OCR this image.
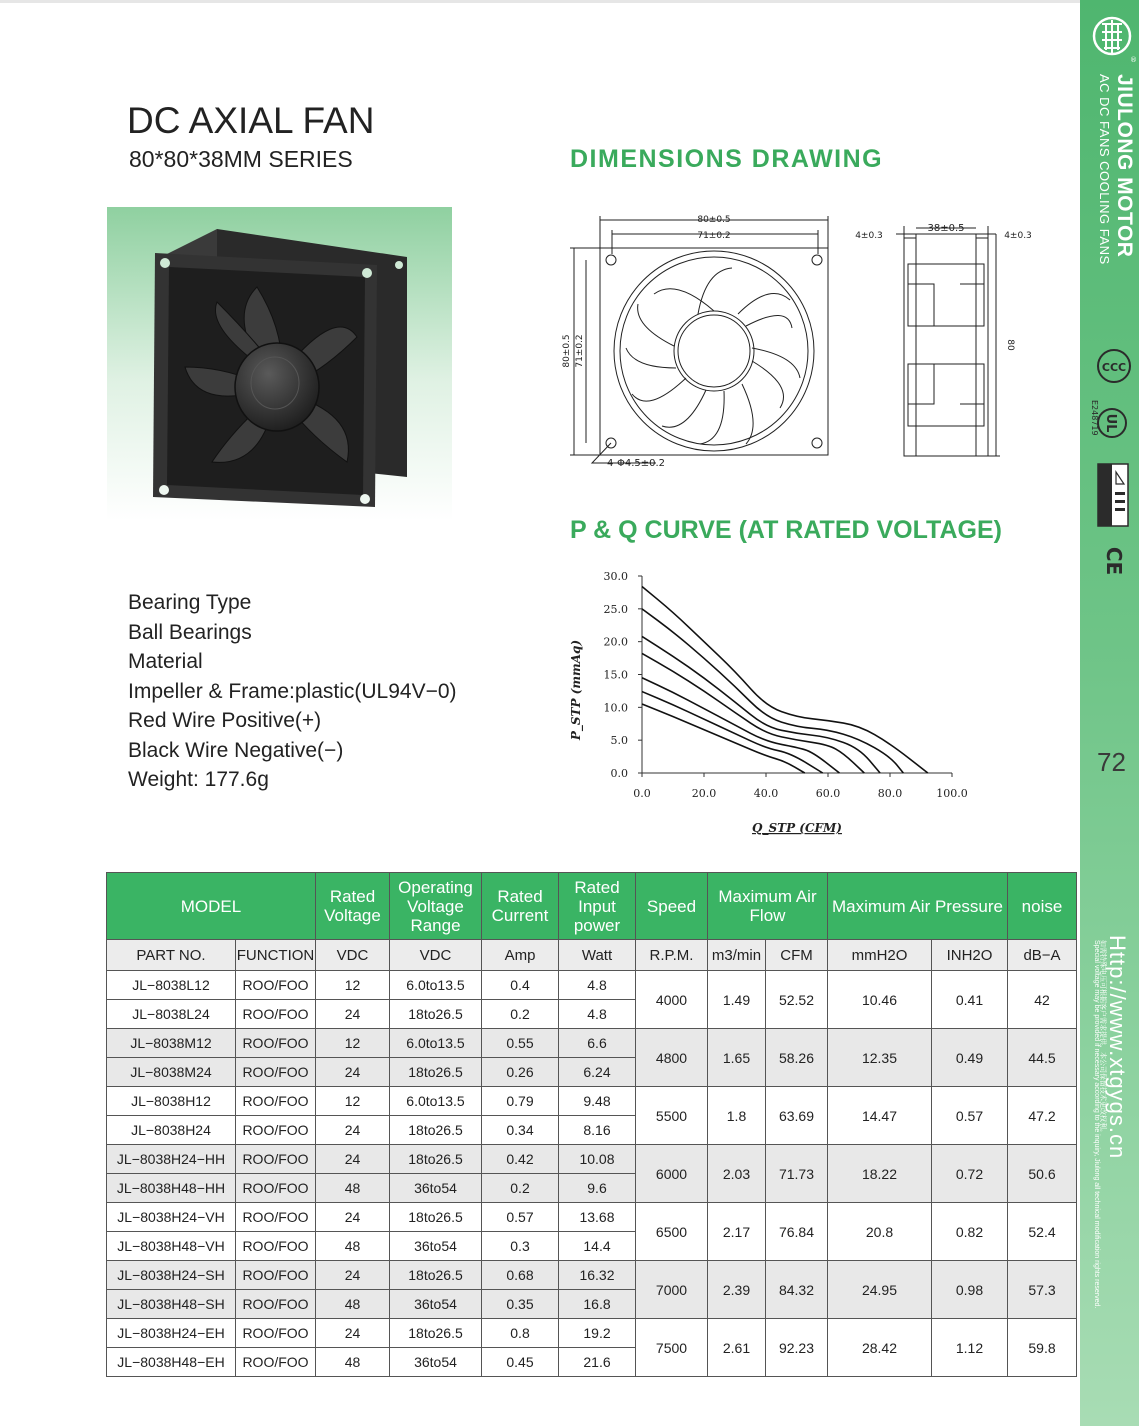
®
JIULONG MOTOR
AC DC FANS COOLING FANS
CCC
UL
E248719
CE
72
Http://www.xtgygs.cn
如需特殊电压可根据客户需求提供，本公司保留技术更改权利。
Special voltage may be provided if necessary according to the inquiry, Jiulong all technical modification rights reserved.
DC AXIAL FAN
80*80*38MM SERIES	DIMENSIONS DRAWING
P & Q CURVE (AT RATED VOLTAGE)
Bearing Type
Ball Bearings
Material
Impeller & Frame:plastic(UL94V−0)
Red Wire Positive(+)
Black Wire Negative(−)
Weight: 177.6g
80±0.5
71±0.2
38±0.5
4±0.3	4±0.3
4-Φ4.5±0.2
80±0.5 71±0.2	80
0.0
5.0
10.0
15.0
20.0
25.0
30.0
0.0	20.0	40.0	60.0	80.0	100.0
Q_STP (CFM)
P_STP (mmAq)
MODEL		Rated Voltage	Operating Voltage Range	Rated Current	Rated Input power	Speed	Maximum Air Flow		Maximum Air Pressure		noise
PART NO.	FUNCTION	VDC	VDC	Amp	Watt	R.P.M.	m3/min	CFM	mmH2O	INH2O	dB−A
JL−8038L12	ROO/FOO	12	6.0to13.5	0.4	4.8	4000	1.49	52.52	10.46	0.41	42
JL−8038L24	ROO/FOO	24	18to26.5	0.2	4.8						
JL−8038M12	ROO/FOO	12	6.0to13.5	0.55	6.6	4800	1.65	58.26	12.35	0.49	44.5
JL−8038M24	ROO/FOO	24	18to26.5	0.26	6.24						
JL−8038H12	ROO/FOO	12	6.0to13.5	0.79	9.48	5500	1.8	63.69	14.47	0.57	47.2
JL−8038H24	ROO/FOO	24	18to26.5	0.34	8.16						
JL−8038H24−HH	ROO/FOO	24	18to26.5	0.42	10.08	6000	2.03	71.73	18.22	0.72	50.6
JL−8038H48−HH	ROO/FOO	48	36to54	0.2	9.6						
JL−8038H24−VH	ROO/FOO	24	18to26.5	0.57	13.68	6500	2.17	76.84	20.8	0.82	52.4
JL−8038H48−VH	ROO/FOO	48	36to54	0.3	14.4						
JL−8038H24−SH	ROO/FOO	24	18to26.5	0.68	16.32	7000	2.39	84.32	24.95	0.98	57.3
JL−8038H48−SH	ROO/FOO	48	36to54	0.35	16.8						
JL−8038H24−EH	ROO/FOO	24	18to26.5	0.8	19.2	7500	2.61	92.23	28.42	1.12	59.8
JL−8038H48−EH	ROO/FOO	48	36to54	0.45	21.6						
